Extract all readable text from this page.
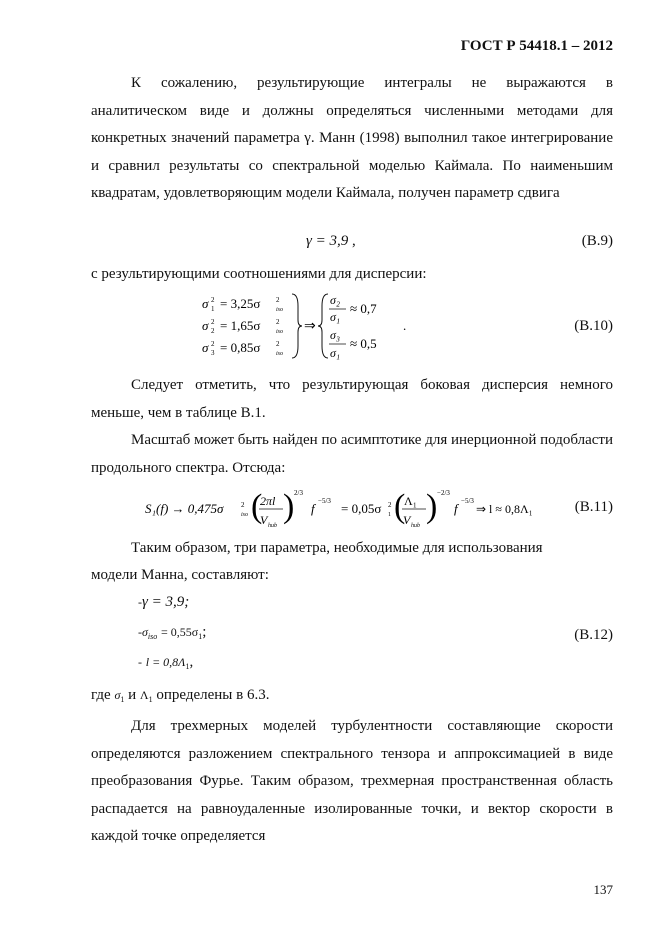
ГОСТ Р 54418.1 – 2012
К сожалению, результирующие интегралы не выражаются в аналитическом виде и должны определяться численными методами для конкретных значений параметра γ. Манн (1998) выполнил такое интегрирование и сравнил результаты со спектральной моделью Каймала. По наименьшим квадратам, удовлетворяющим модели Каймала, получен параметр сдвига
γ = 3,9 ,	(В.9)
с результирующими соотношениями для дисперсии:
σ 1
2 = 3,25σ	iso
2
σ 2
2 = 1,65σ	iso
2
σ 3
2 = 0,85σ	iso
2
⇒
σ₂
σ₁
≈ 0,7
σ₃
σ₁
≈ 0,5
.	(В.10)
Следует отметить, что результирующая боковая дисперсия немного меньше, чем в таблице В.1.
Масштаб может быть найден по асимптотике для инерционной подобласти продольного спектра. Отсюда:
S₁(f) → 0,475σ	iso
2 (
2πl
V hub
) 2/3
f −5/3 = 0,05σ 1
2 (
Λ₁
V hub
) −2/3
f −5/3
⇒ l ≈ 0,8Λ₁	(В.11)
Таким образом, три параметра, необходимые для использования
модели Манна, составляют:
-γ = 3,9;
$-\sigma_{iso} = 0,55\sigma_1$;	(В.12)
- $l = 0,8\Lambda_1$,
где $\sigma_1$ и $\Lambda_1$ определены в 6.3.
Для трехмерных моделей турбулентности составляющие скорости определяются разложением спектрального тензора и аппроксимацией в виде преобразования Фурье. Таким образом, трехмерная пространственная область распадается на равноудаленные изолированные точки, и вектор скорости в каждой точке определяется
137
